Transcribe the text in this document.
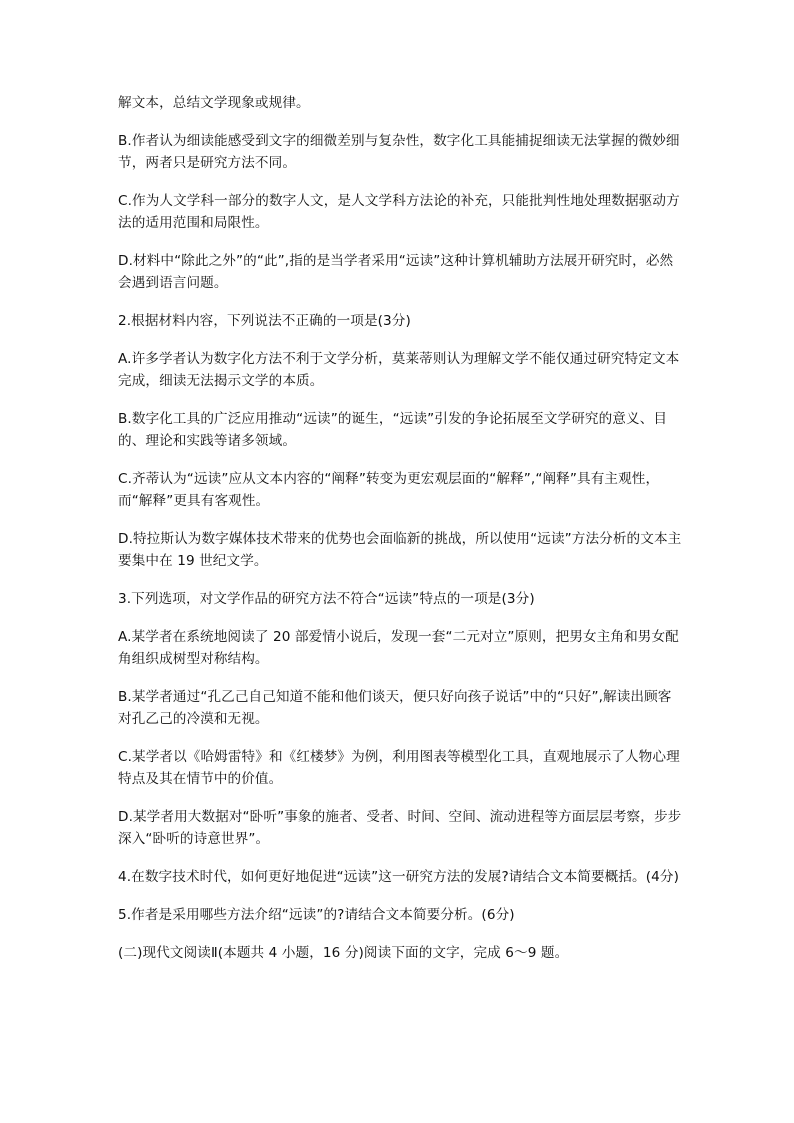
解文本，总结文学现象或规律。

B.作者认为细读能感受到文字的细微差别与复杂性，数字化工具能捕捉细读无法掌握的微妙细节，两者只是研究方法不同。

C.作为人文学科一部分的数字人文，是人文学科方法论的补充，只能批判性地处理数据驱动方法的适用范围和局限性。

D.材料中“除此之外”的“此”,指的是当学者采用“远读”这种计算机辅助方法展开研究时，必然会遇到语言问题。

2.根据材料内容，下列说法不正确的一项是(3分)

A.许多学者认为数字化方法不利于文学分析，莫莱蒂则认为理解文学不能仅通过研究特定文本完成，细读无法揭示文学的本质。

B.数字化工具的广泛应用推动“远读”的诞生，“远读”引发的争论拓展至文学研究的意义、目的、理论和实践等诸多领域。

C.齐蒂认为“远读”应从文本内容的“阐释”转变为更宏观层面的“解释”,“阐释”具有主观性，而“解释”更具有客观性。

D.特拉斯认为数字媒体技术带来的优势也会面临新的挑战，所以使用“远读”方法分析的文本主要集中在 19 世纪文学。

3.下列选项，对文学作品的研究方法不符合“远读”特点的一项是(3分)

A.某学者在系统地阅读了 20 部爱情小说后，发现一套“二元对立”原则，把男女主角和男女配角组织成树型对称结构。

B.某学者通过“孔乙己自己知道不能和他们谈天，便只好向孩子说话”中的“只好”,解读出顾客对孔乙己的冷漠和无视。

C.某学者以《哈姆雷特》和《红楼梦》为例，利用图表等模型化工具，直观地展示了人物心理特点及其在情节中的价值。

D.某学者用大数据对“卧听”事象的施者、受者、时间、空间、流动进程等方面层层考察，步步深入“卧听的诗意世界”。

4.在数字技术时代，如何更好地促进“远读”这一研究方法的发展?请结合文本简要概括。(4分)

5.作者是采用哪些方法介绍“远读”的?请结合文本简要分析。(6分)

(二)现代文阅读Ⅱ(本题共 4 小题，16 分)阅读下面的文字，完成 6～9 题。
